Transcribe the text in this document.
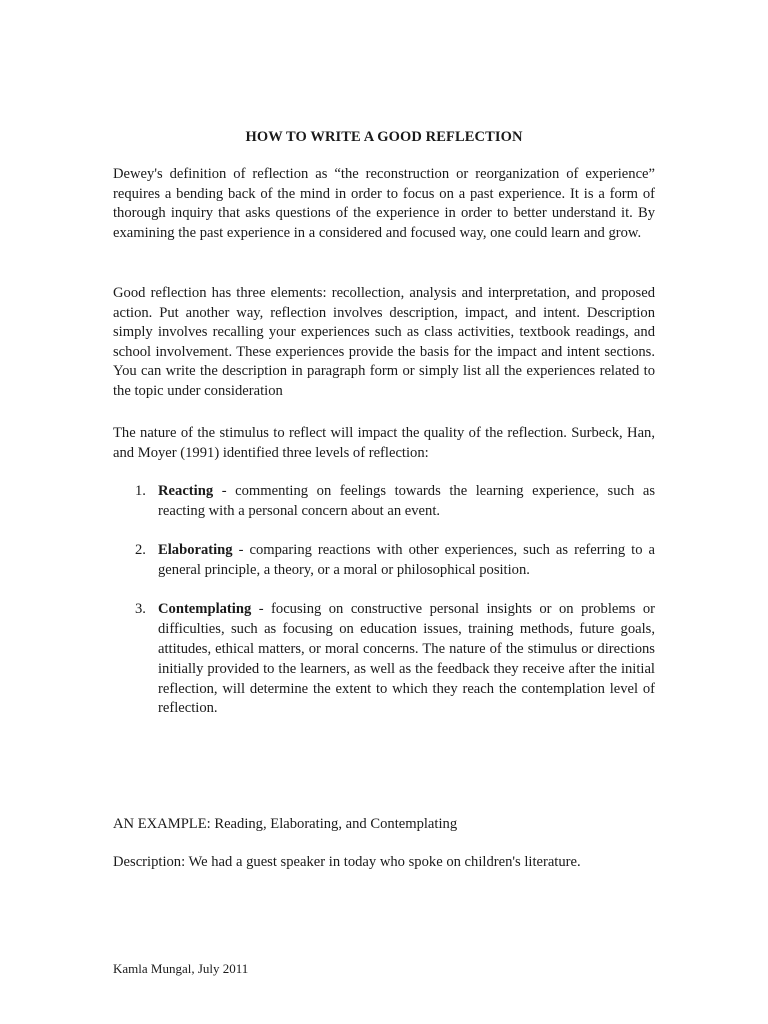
HOW TO WRITE A GOOD REFLECTION

Dewey's definition of reflection as “the reconstruction or reorganization of experience” requires a bending back of the mind in order to focus on a past experience. It is a form of thorough inquiry that asks questions of the experience in order to better understand it. By examining the past experience in a considered and focused way, one could learn and grow.

Good reflection has three elements: recollection, analysis and interpretation, and proposed action. Put another way, reflection involves description, impact, and intent. Description simply involves recalling your experiences such as class activities, textbook readings, and school involvement. These experiences provide the basis for the impact and intent sections. You can write the description in paragraph form or simply list all the experiences related to the topic under consideration

The nature of the stimulus to reflect will impact the quality of the reflection. Surbeck, Han, and Moyer (1991) identified three levels of reflection:

1. Reacting - commenting on feelings towards the learning experience, such as reacting with a personal concern about an event.
2. Elaborating - comparing reactions with other experiences, such as referring to a general principle, a theory, or a moral or philosophical position.
3. Contemplating - focusing on constructive personal insights or on problems or difficulties, such as focusing on education issues, training methods, future goals, attitudes, ethical matters, or moral concerns. The nature of the stimulus or directions initially provided to the learners, as well as the feedback they receive after the initial reflection, will determine the extent to which they reach the contemplation level of reflection.

AN EXAMPLE: Reading, Elaborating, and Contemplating

Description: We had a guest speaker in today who spoke on children's literature.

Kamla Mungal, July 2011
